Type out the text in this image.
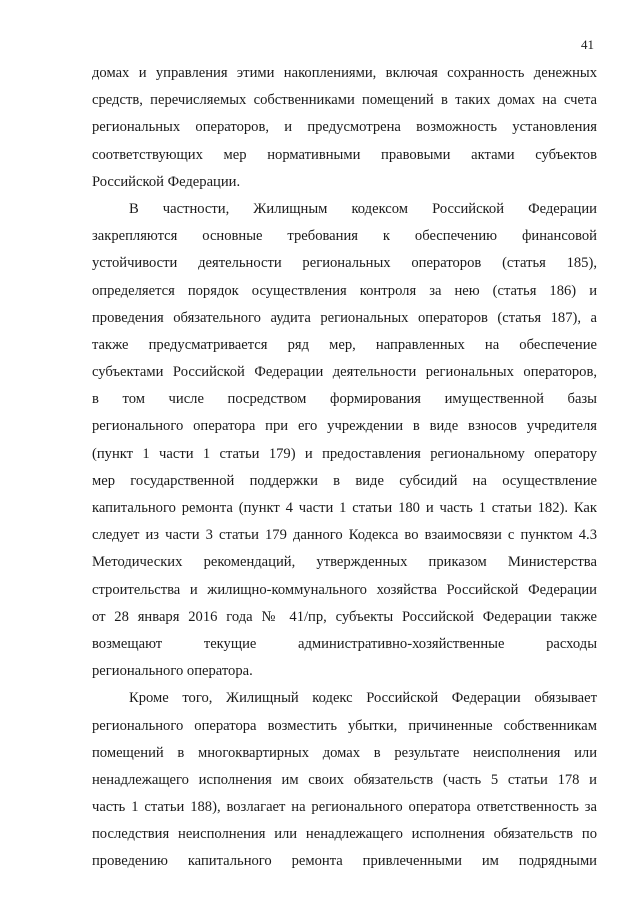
41
домах и управления этими накоплениями, включая сохранность денежных
средств, перечисляемых собственниками помещений в таких домах на счета
региональных операторов, и предусмотрена возможность установления
соответствующих мер нормативными правовыми актами субъектов
Российской Федерации.
В частности, Жилищным кодексом Российской Федерации
закрепляются основные требования к обеспечению финансовой
устойчивости деятельности региональных операторов (статья 185),
определяется порядок осуществления контроля за нею (статья 186) и
проведения обязательного аудита региональных операторов (статья 187), а
также предусматривается ряд мер, направленных на обеспечение
субъектами Российской Федерации деятельности региональных операторов,
в том числе посредством формирования имущественной базы
регионального оператора при его учреждении в виде взносов учредителя
(пункт 1 части 1 статьи 179) и предоставления региональному оператору
мер государственной поддержки в виде субсидий на осуществление
капитального ремонта (пункт 4 части 1 статьи 180 и часть 1 статьи 182). Как
следует из части 3 статьи 179 данного Кодекса во взаимосвязи с пунктом 4.3
Методических рекомендаций, утвержденных приказом Министерства
строительства и жилищно-коммунального хозяйства Российской Федерации
от 28 января 2016 года № 41/пр, субъекты Российской Федерации также
возмещают текущие административно-хозяйственные расходы
регионального оператора.
Кроме того, Жилищный кодекс Российской Федерации обязывает
регионального оператора возместить убытки, причиненные собственникам
помещений в многоквартирных домах в результате неисполнения или
ненадлежащего исполнения им своих обязательств (часть 5 статьи 178 и
часть 1 статьи 188), возлагает на регионального оператора ответственность за
последствия неисполнения или ненадлежащего исполнения обязательств по
проведению капитального ремонта привлеченными им подрядными
